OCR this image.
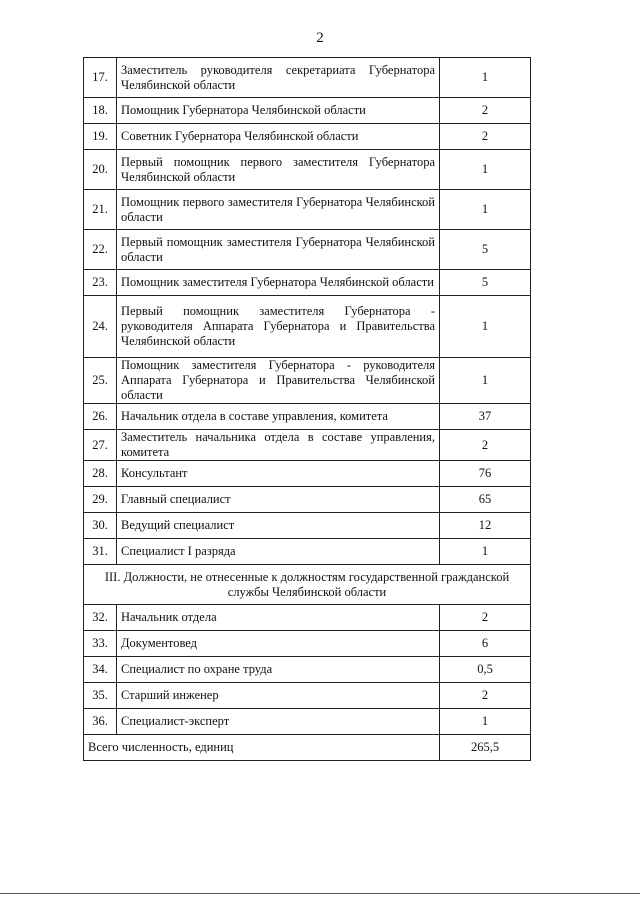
2
17.	Заместитель руководителя секретариата Губернатора Челябинской области	1
18.	Помощник Губернатора Челябинской области	2
19.	Советник Губернатора Челябинской области	2
20.	Первый помощник первого заместителя Губернатора Челябинской области	1
21.	Помощник первого заместителя Губернатора Челябинской области	1
22.	Первый помощник заместителя Губернатора Челябинской области	5
23.	Помощник заместителя Губернатора Челябинской области	5
24.	Первый помощник заместителя Губернатора - руководителя Аппарата Губернатора и Правительства Челябинской области	1
25.	Помощник заместителя Губернатора - руководителя Аппарата Губернатора и Правительства Челябинской области	1
26.	Начальник отдела в составе управления, комитета	37
27.	Заместитель начальника отдела в составе управления, комитета	2
28.	Консультант	76
29.	Главный специалист	65
30.	Ведущий специалист	12
31.	Специалист I разряда	1
III. Должности, не отнесенные к должностям государственной гражданской службы Челябинской области		
32.	Начальник отдела	2
33.	Документовед	6
34.	Специалист по охране труда	0,5
35.	Старший инженер	2
36.	Специалист-эксперт	1
Всего численность, единиц		265,5
